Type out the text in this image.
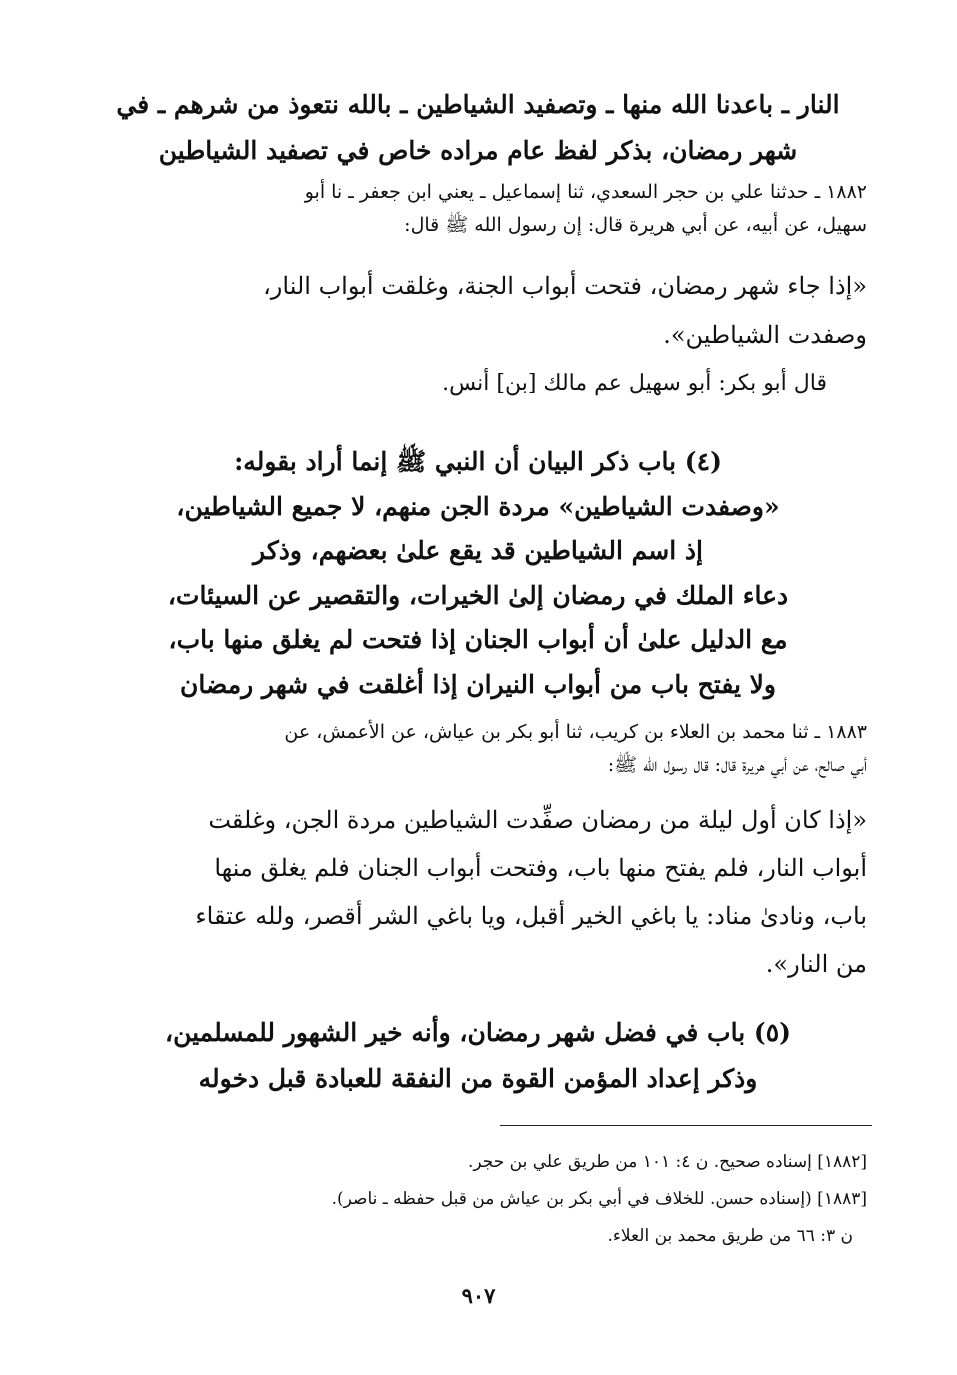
النار ـ باعدنا الله منها ـ وتصفيد الشياطين ـ بالله نتعوذ من شرهم ـ في
شهر رمضان، بذكر لفظ عام مراده خاص في تصفيد الشياطين
١٨٨٢ ـ حدثنا علي بن حجر السعدي، ثنا إسماعيل ـ يعني ابن جعفر ـ نا أبو
سهيل، عن أبيه، عن أبي هريرة قال: إن رسول الله ﷺ قال:
«إذا جاء شهر رمضان، فتحت أبواب الجنة، وغلقت أبواب النار،
وصفدت الشياطين».
قال أبو بكر: أبو سهيل عم مالك [بن] أنس.
(٤) باب ذكر البيان أن النبي ﷺ إنما أراد بقوله:
«وصفدت الشياطين» مردة الجن منهم، لا جميع الشياطين،
إذ اسم الشياطين قد يقع علىٰ بعضهم، وذكر
دعاء الملك في رمضان إلىٰ الخيرات، والتقصير عن السيئات،
مع الدليل علىٰ أن أبواب الجنان إذا فتحت لم يغلق منها باب،
ولا يفتح باب من أبواب النيران إذا أغلقت في شهر رمضان
١٨٨٣ ـ ثنا محمد بن العلاء بن كريب، ثنا أبو بكر بن عياش، عن الأعمش، عن
أبي صالح، عن أبي هريرة قال: قال رسول الله ﷺ:
«إذا كان أول ليلة من رمضان صفِّدت الشياطين مردة الجن، وغلقت
أبواب النار، فلم يفتح منها باب، وفتحت أبواب الجنان فلم يغلق منها
باب، ونادىٰ مناد: يا باغي الخير أقبل، ويا باغي الشر أقصر، ولله عتقاء
من النار».
(٥) باب في فضل شهر رمضان، وأنه خير الشهور للمسلمين،
وذكر إعداد المؤمن القوة من النفقة للعبادة قبل دخوله
[١٨٨٢] إسناده صحيح. ن ٤: ١٠١ من طريق علي بن حجر.
[١٨٨٣] (إسناده حسن. للخلاف في أبي بكر بن عياش من قبل حفظه ـ ناصر).
ن ٣: ٦٦ من طريق محمد بن العلاء.
٩٠٧
